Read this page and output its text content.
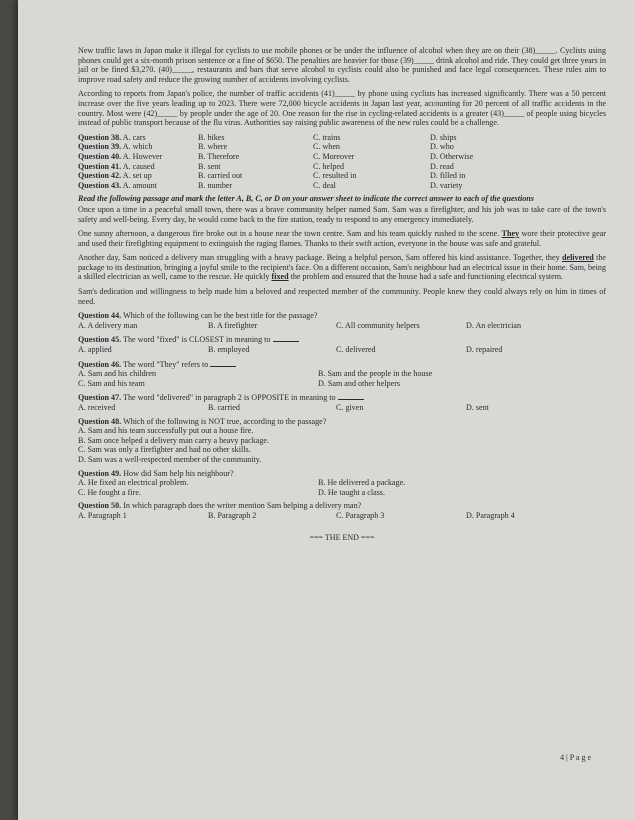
New traffic laws in Japan make it illegal for cyclists to use mobile phones or be under the influence of alcohol when they are on their (38)_____. Cyclists using phones could get a six-month prison sentence or a fine of $650. The penalties are heavier for those (39)_____ drink alcohol and ride. They could get three years in jail or be fined $3,270. (40)_____, restaurants and bars that serve alcohol to cyclists could also be punished and face legal consequences. These rules aim to improve road safety and reduce the growing number of accidents involving cyclists.

According to reports from Japan's police, the number of traffic accidents (41)_____ by phone using cyclists has increased significantly. There was a 50 percent increase over the five years leading up to 2023. There were 72,000 bicycle accidents in Japan last year, accounting for 20 percent of all traffic accidents in the country. Most were (42)_____ by people under the age of 20. One reason for the rise in cycling-related accidents is a greater (43)_____ of people using bicycles instead of public transport because of the flu virus. Authorities say raising public awareness of the new rules could be a challenge.

Question 38. A. cars	B. bikes	C. trains	D. ships
Question 39. A. which	B. where	C. when	D. who
Question 40. A. However	B. Therefore	C. Moreover	D. Otherwise
Question 41. A. caused	B. sent	C. helped	D. read
Question 42. A. set up	B. carried out	C. resulted in	D. filled in
Question 43. A. amount	B. number	C. deal	D. variety
Read the following passage and mark the letter A, B, C, or D on your answer sheet to indicate the correct answer to each of the questions

Once upon a time in a peaceful small town, there was a brave community helper named Sam. Sam was a firefighter, and his job was to take care of the town's safety and well-being. Every day, he would come back to the fire station, ready to respond to any emergency immediately.

One sunny afternoon, a dangerous fire broke out in a house near the town centre. Sam and his team quickly rushed to the scene. They wore their protective gear and used their firefighting equipment to extinguish the raging flames. Thanks to their swift action, everyone in the house was safe and grateful.

Another day, Sam noticed a delivery man struggling with a heavy package. Being a helpful person, Sam offered his kind assistance. Together, they delivered the package to its destination, bringing a joyful smile to the recipient's face. On a different occasion, Sam's neighbour had an electrical issue in their home. Sam, being a skilled electrician as well, came to the rescue. He quickly fixed the problem and ensured that the house had a safe and functioning electrical system.

Sam's dedication and willingness to help made him a beloved and respected member of the community. People knew they could always rely on him in times of need.

Question 44. Which of the following can be the best title for the passage?
A. A delivery man	B. A firefighter	C. All community helpers	D. An electrician
Question 45. The word "fixed" is CLOSEST in meaning to
A. applied	B. employed	C. delivered	D. repaired
Question 46. The word "They" refers to
A. Sam and his children	B. Sam and the people in the house
C. Sam and his team	D. Sam and other helpers
Question 47. The word "delivered" in paragraph 2 is OPPOSITE in meaning to
A. received	B. carried	C. given	D. sent
Question 48. Which of the following is NOT true, according to the passage?
A. Sam and his team successfully put out a house fire.
B. Sam once helped a delivery man carry a heavy package.
C. Sam was only a firefighter and had no other skills.
D. Sam was a well-respected member of the community.
Question 49. How did Sam help his neighbour?
A. He fixed an electrical problem.	B. He delivered a package.
C. He fought a fire.	D. He taught a class.
Question 50. In which paragraph does the writer mention Sam helping a delivery man?
A. Paragraph 1	B. Paragraph 2	C. Paragraph 3	D. Paragraph 4
=== THE END ===
4 | P a g e
